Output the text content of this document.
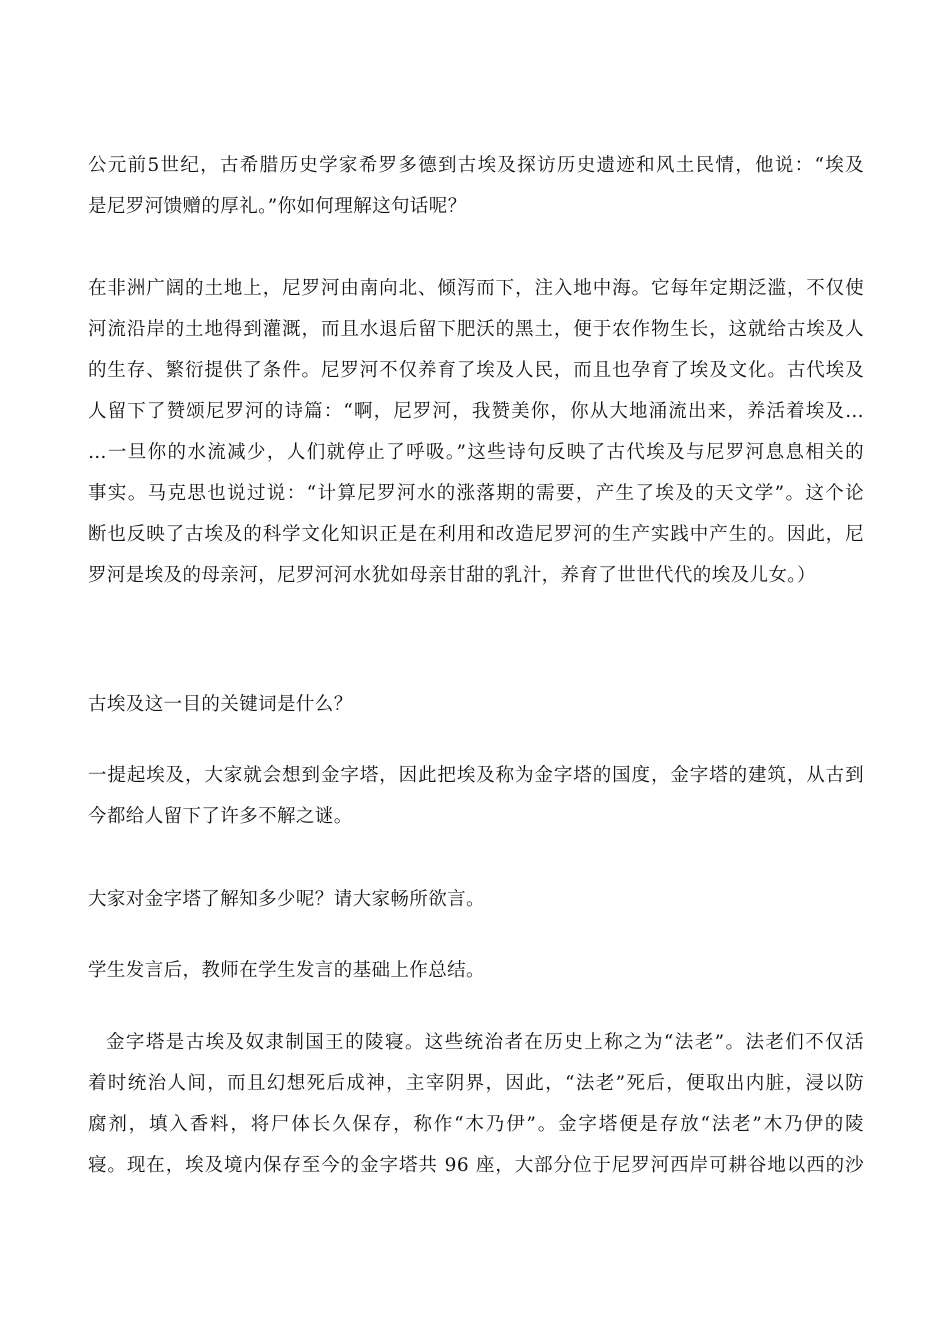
公元前5世纪，古希腊历史学家希罗多德到古埃及探访历史遗迹和风土民情，他说：“埃及
是尼罗河馈赠的厚礼。”你如何理解这句话呢？

在非洲广阔的土地上，尼罗河由南向北、倾泻而下，注入地中海。它每年定期泛滥，不仅使
河流沿岸的土地得到灌溉，而且水退后留下肥沃的黑土，便于农作物生长，这就给古埃及人
的生存、繁衍提供了条件。尼罗河不仅养育了埃及人民，而且也孕育了埃及文化。古代埃及
人留下了赞颂尼罗河的诗篇：“啊，尼罗河，我赞美你，你从大地涌流出来，养活着埃及…
…一旦你的水流减少，人们就停止了呼吸。”这些诗句反映了古代埃及与尼罗河息息相关的
事实。马克思也说过说：“计算尼罗河水的涨落期的需要，产生了埃及的天文学”。这个论
断也反映了古埃及的科学文化知识正是在利用和改造尼罗河的生产实践中产生的。因此，尼
罗河是埃及的母亲河，尼罗河河水犹如母亲甘甜的乳汁，养育了世世代代的埃及儿女。）

古埃及这一目的关键词是什么？

一提起埃及，大家就会想到金字塔，因此把埃及称为金字塔的国度，金字塔的建筑，从古到
今都给人留下了许多不解之谜。

大家对金字塔了解知多少呢？请大家畅所欲言。

学生发言后，教师在学生发言的基础上作总结。

金字塔是古埃及奴隶制国王的陵寝。这些统治者在历史上称之为“法老”。法老们不仅活
着时统治人间，而且幻想死后成神，主宰阴界，因此，“法老”死后，便取出内脏，浸以防
腐剂，填入香料，将尸体长久保存，称作“木乃伊”。金字塔便是存放“法老”木乃伊的陵
寝。现在，埃及境内保存至今的金字塔共 96 座，大部分位于尼罗河西岸可耕谷地以西的沙
